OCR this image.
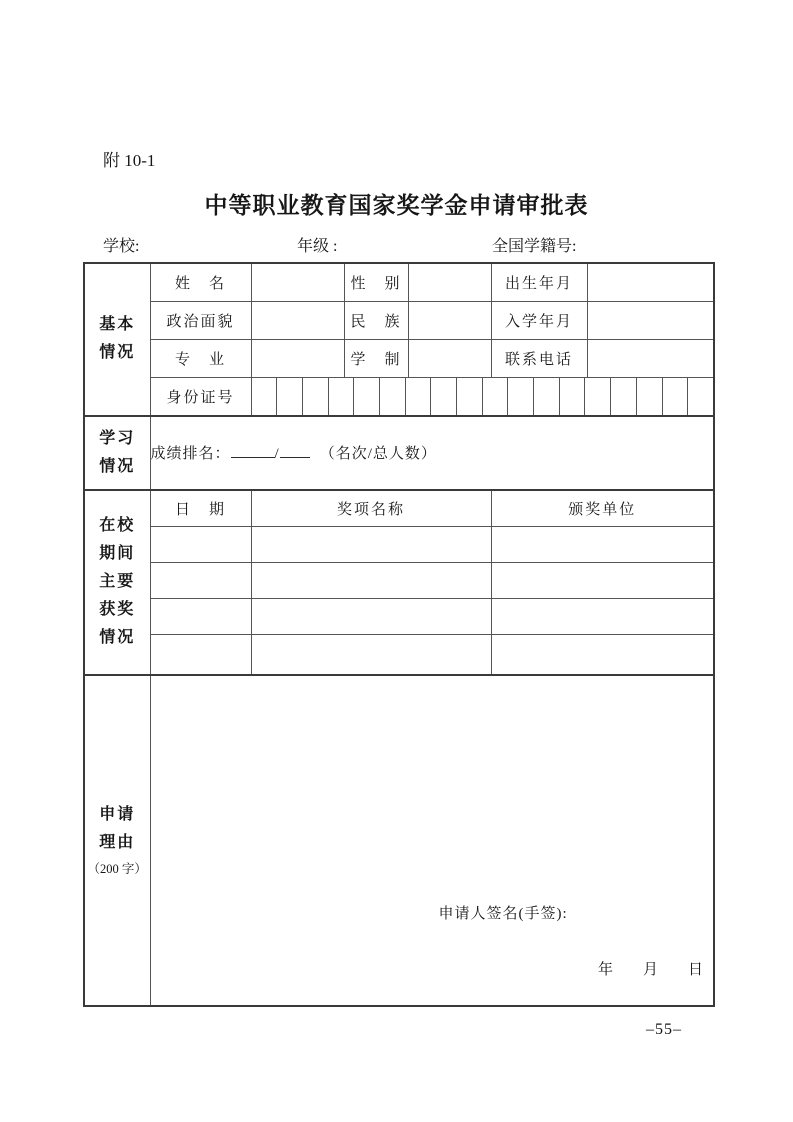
附 10-1
中等职业教育国家奖学金申请审批表
学校:	年级 :	全国学籍号:
基本
情况	姓　名		性　别		出生年月	
	政治面貌		民　族		入学年月	
	专　业		学　制		联系电话	
	身份证号					

学习
情况	成绩排名： / （名次/总人数）					

在校
期间
主要
获奖
情况	日　期	奖项名称			颁奖单位	

申请
理由
（200 字）

申请人签名(手签):
年　　月　　日
–55–
